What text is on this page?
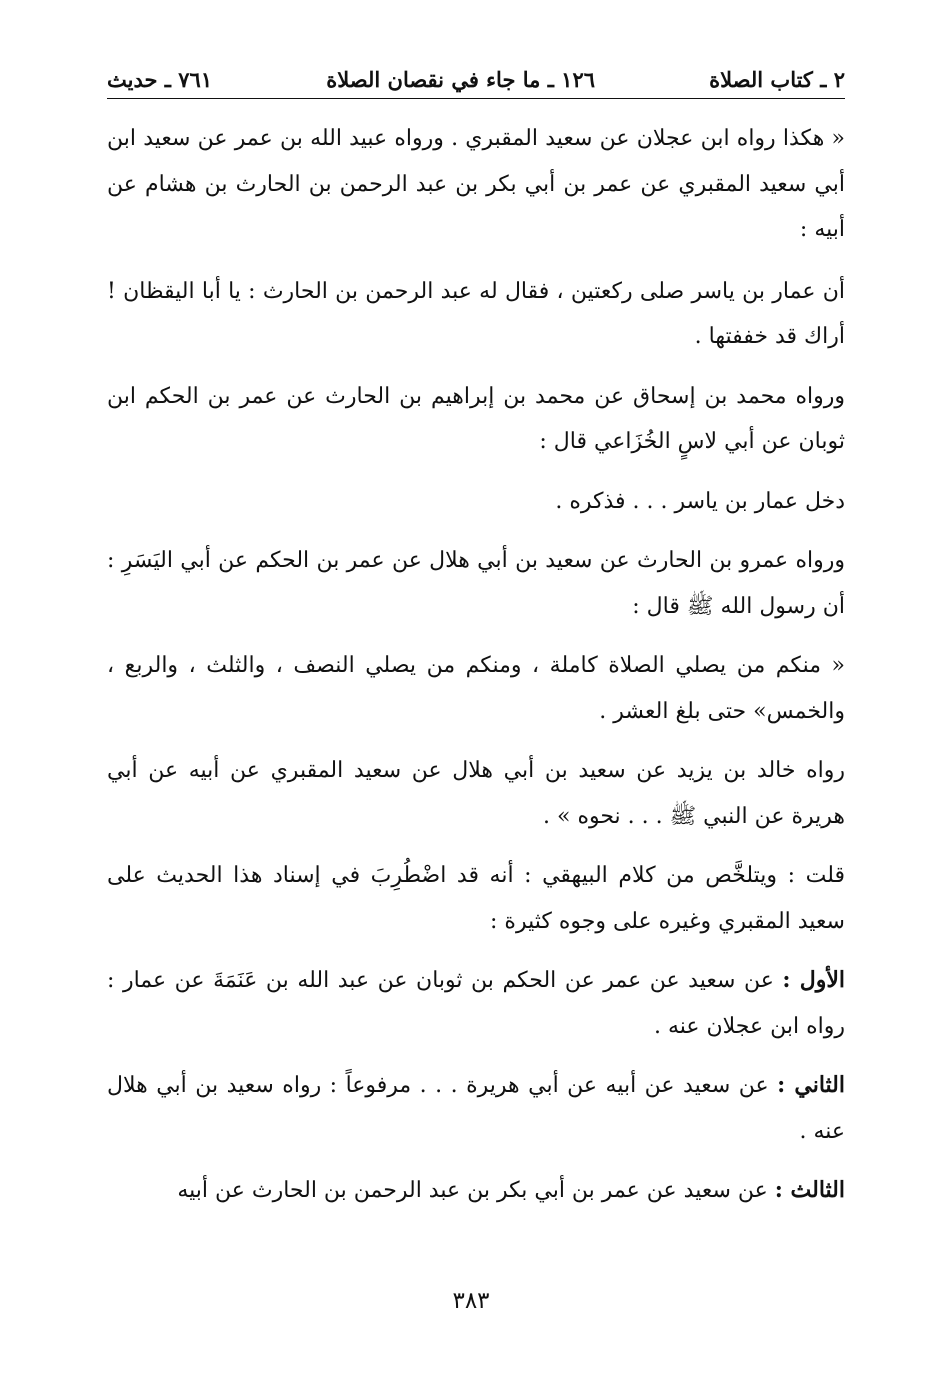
٢ ـ كتاب الصلاة
١٢٦ ـ ما جاء في نقصان الصلاة
٧٦١ ـ حديث

« هكذا رواه ابن عجلان عن سعيد المقبري . ورواه عبيد الله بن عمر عن سعيد ابن أبي سعيد المقبري عن عمر بن أبي بكر بن عبد الرحمن بن الحارث بن هشام عن أبيه :

أن عمار بن ياسر صلى ركعتين ، فقال له عبد الرحمن بن الحارث : يا أبا اليقظان ! أراك قد خففتها .

ورواه محمد بن إسحاق عن محمد بن إبراهيم بن الحارث عن عمر بن الحكم ابن ثوبان عن أبي لاسٍ الخُزَاعي قال :

دخل عمار بن ياسر . . . فذكره .

ورواه عمرو بن الحارث عن سعيد بن أبي هلال عن عمر بن الحكم عن أبي اليَسَرِ : أن رسول الله ﷺ قال :

« منكم من يصلي الصلاة كاملة ، ومنكم من يصلي النصف ، والثلث ، والربع ، والخمس» حتى بلغ العشر .

رواه خالد بن يزيد عن سعيد بن أبي هلال عن سعيد المقبري عن أبيه عن أبي هريرة عن النبي ﷺ . . . نحوه » .

قلت : ويتلخَّص من كلام البيهقي : أنه قد اضْطُرِبَ في إسناد هذا الحديث على سعيد المقبري وغيره على وجوه كثيرة :

الأول : عن سعيد عن عمر عن الحكم بن ثوبان عن عبد الله بن عَنَمَةَ عن عمار : رواه ابن عجلان عنه .

الثاني : عن سعيد عن أبيه عن أبي هريرة . . . مرفوعاً : رواه سعيد بن أبي هلال عنه .

الثالث : عن سعيد عن عمر بن أبي بكر بن عبد الرحمن بن الحارث عن أبيه

٣٨٣
